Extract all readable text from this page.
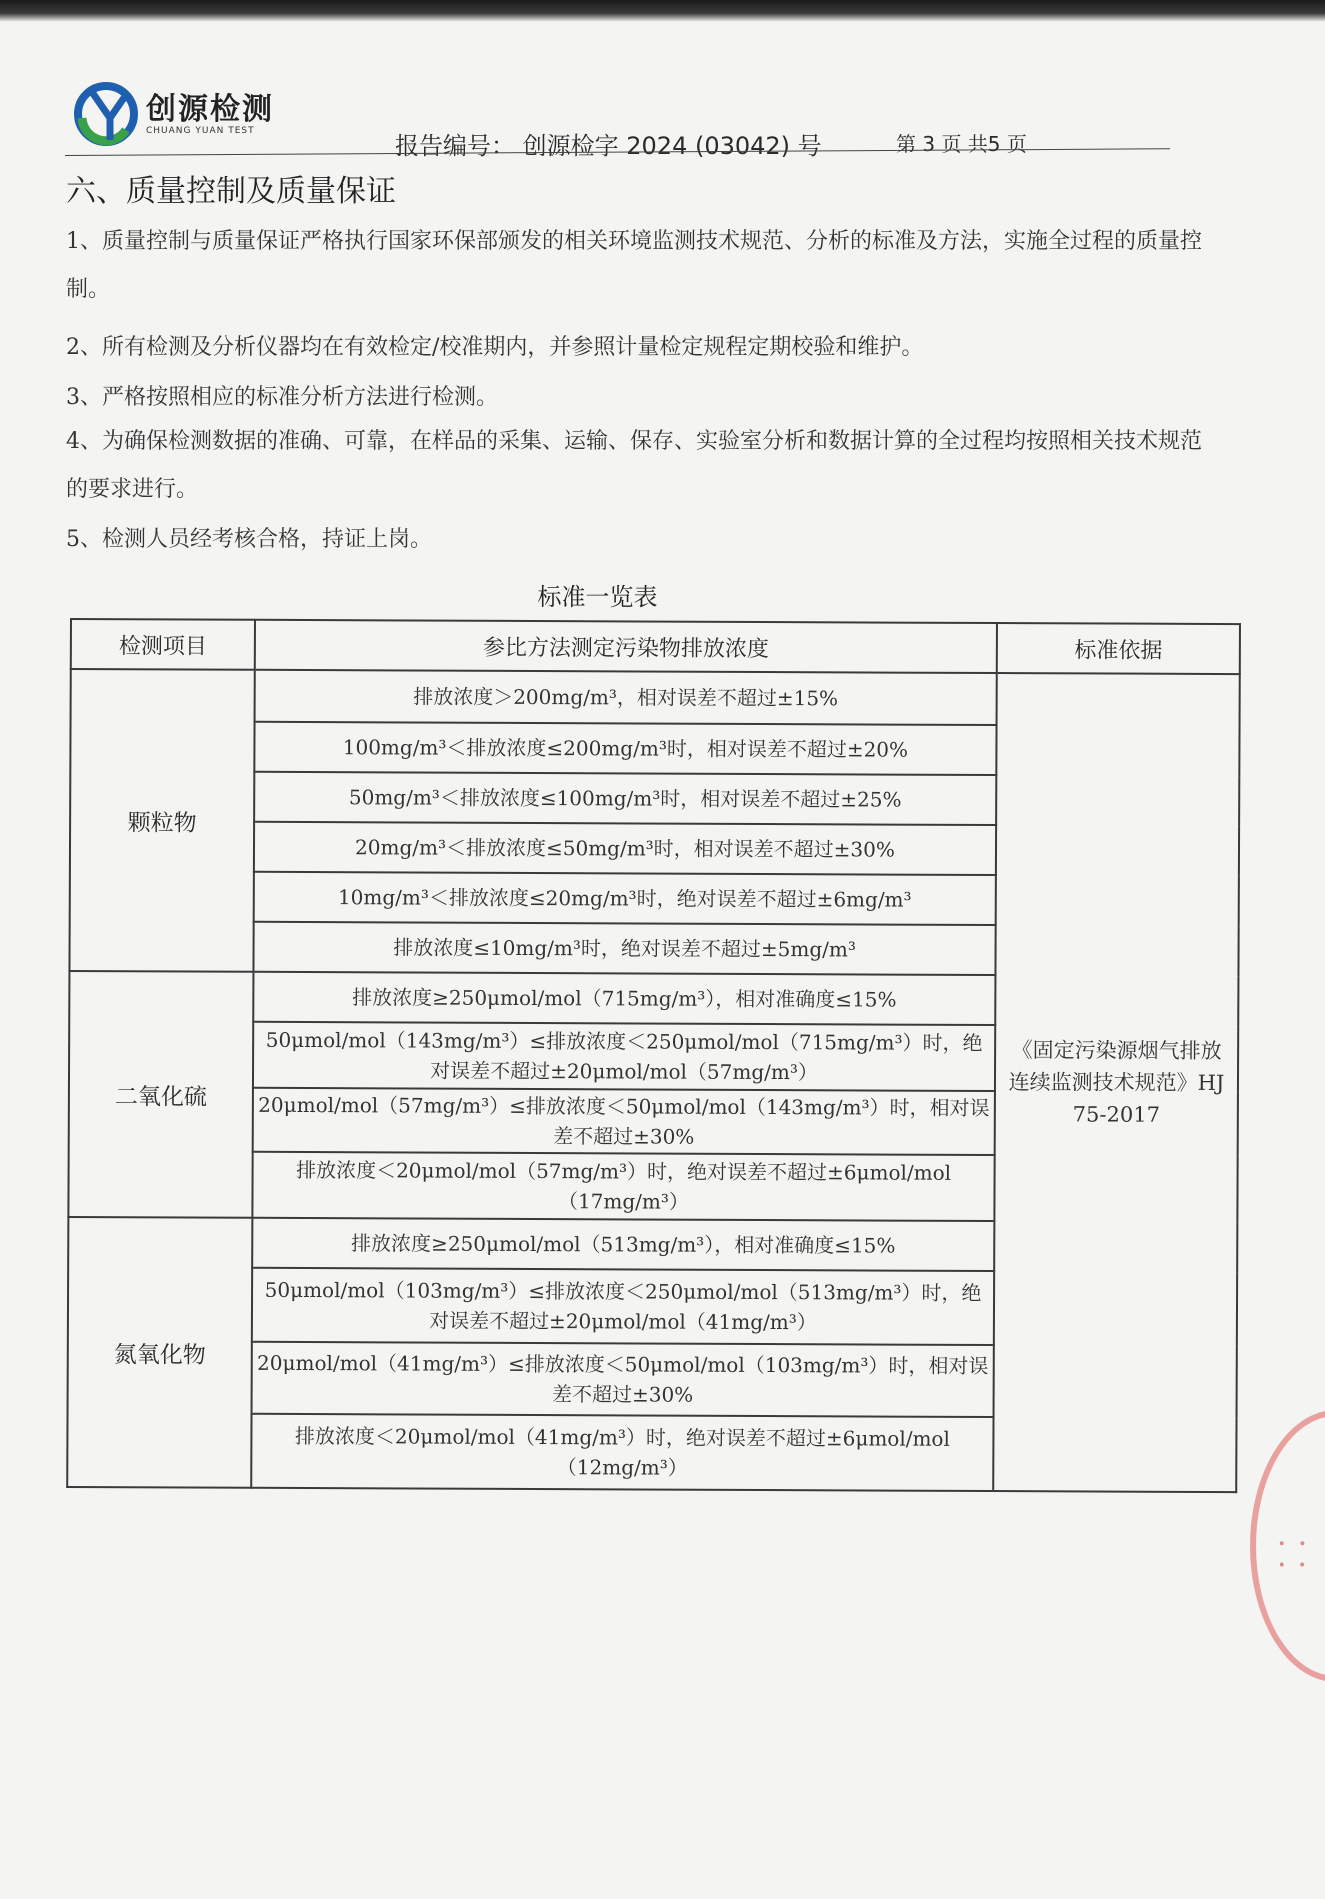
创源检测
CHUANG YUAN TEST
报告编号： 创源检字 2024 (03042) 号	第 3 页 共5 页
六、质量控制及质量保证
1、质量控制与质量保证严格执行国家环保部颁发的相关环境监测技术规范、分析的标准及方法，实施全过程的质量控制。
2、所有检测及分析仪器均在有效检定/校准期内，并参照计量检定规程定期校验和维护。
3、严格按照相应的标准分析方法进行检测。
4、为确保检测数据的准确、可靠，在样品的采集、运输、保存、实验室分析和数据计算的全过程均按照相关技术规范的要求进行。
5、检测人员经考核合格，持证上岗。
标准一览表
检测项目	参比方法测定污染物排放浓度	标准依据
颗粒物	排放浓度＞200mg/m³，相对误差不超过±15%	《固定污染源烟气排放连续监测技术规范》HJ 75-2017
	100mg/m³＜排放浓度≤200mg/m³时，相对误差不超过±20%	
	50mg/m³＜排放浓度≤100mg/m³时，相对误差不超过±25%	
	20mg/m³＜排放浓度≤50mg/m³时，相对误差不超过±30%	
	10mg/m³＜排放浓度≤20mg/m³时，绝对误差不超过±6mg/m³	
	排放浓度≤10mg/m³时，绝对误差不超过±5mg/m³	
二氧化硫	排放浓度≥250μmol/mol（715mg/m³），相对准确度≤15%	
	50μmol/mol（143mg/m³）≤排放浓度＜250μmol/mol（715mg/m³）时，绝对误差不超过±20μmol/mol（57mg/m³）	
	20μmol/mol（57mg/m³）≤排放浓度＜50μmol/mol（143mg/m³）时，相对误差不超过±30%	
	排放浓度＜20μmol/mol（57mg/m³）时，绝对误差不超过±6μmol/mol（17mg/m³）	
氮氧化物	排放浓度≥250μmol/mol（513mg/m³），相对准确度≤15%	
	50μmol/mol（103mg/m³）≤排放浓度＜250μmol/mol（513mg/m³）时，绝对误差不超过±20μmol/mol（41mg/m³）	
	20μmol/mol（41mg/m³）≤排放浓度＜50μmol/mol（103mg/m³）时，相对误差不超过±30%	
	排放浓度＜20μmol/mol（41mg/m³）时，绝对误差不超过±6μmol/mol（12mg/m³）	
⸬
